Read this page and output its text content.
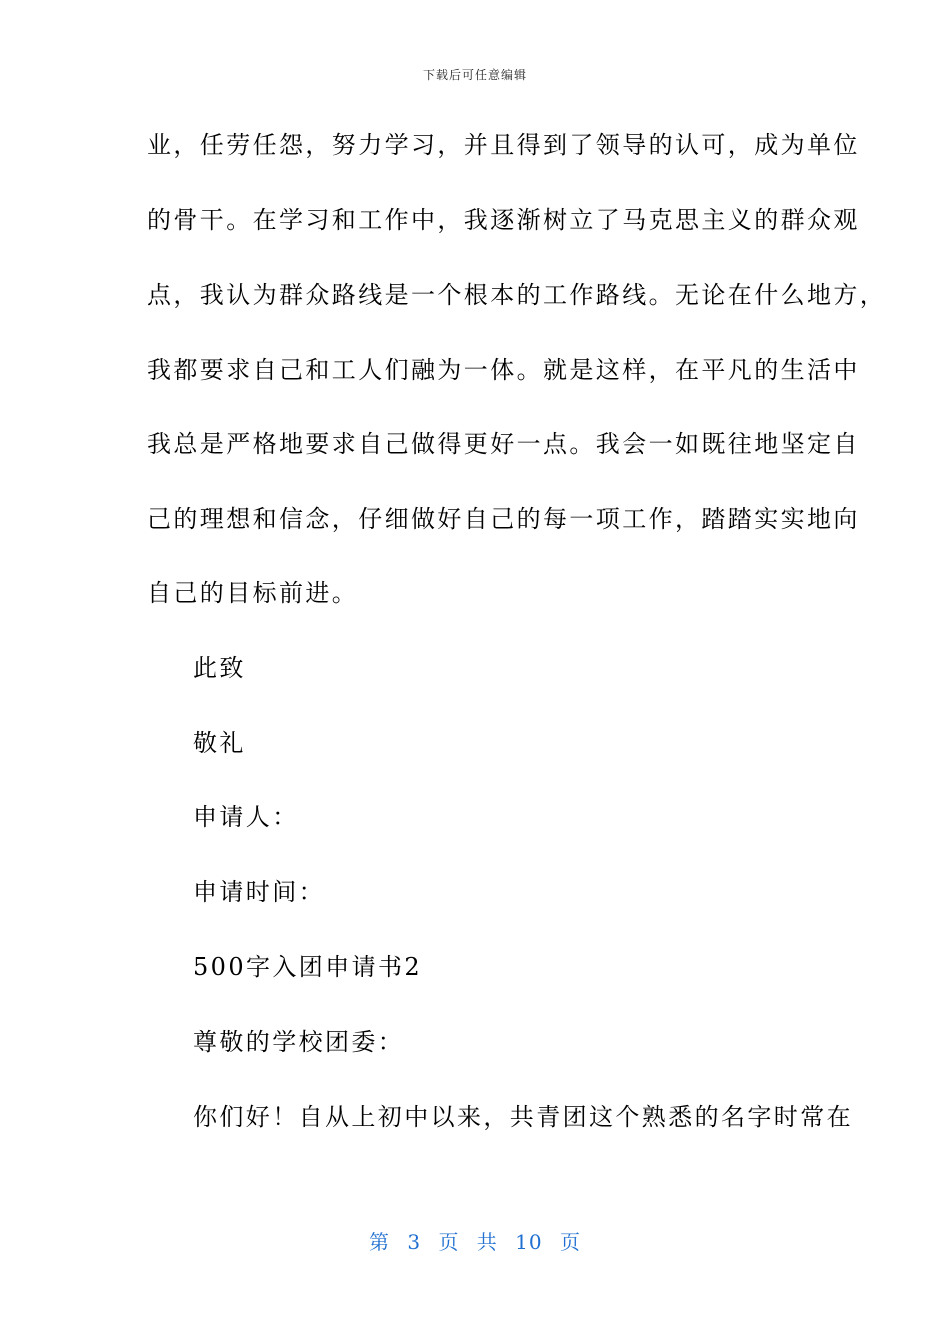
下载后可任意编辑
业，任劳任怨，努力学习，并且得到了领导的认可，成为单位
的骨干。在学习和工作中，我逐渐树立了马克思主义的群众观
点，我认为群众路线是一个根本的工作路线。无论在什么地方，
我都要求自己和工人们融为一体。就是这样，在平凡的生活中
我总是严格地要求自己做得更好一点。我会一如既往地坚定自
己的理想和信念，仔细做好自己的每一项工作，踏踏实实地向
自己的目标前进。
此致
敬礼
申请人：
申请时间：
500字入团申请书2
尊敬的学校团委：
你们好！自从上初中以来，共青团这个熟悉的名字时常在
第 3 页 共 10 页
